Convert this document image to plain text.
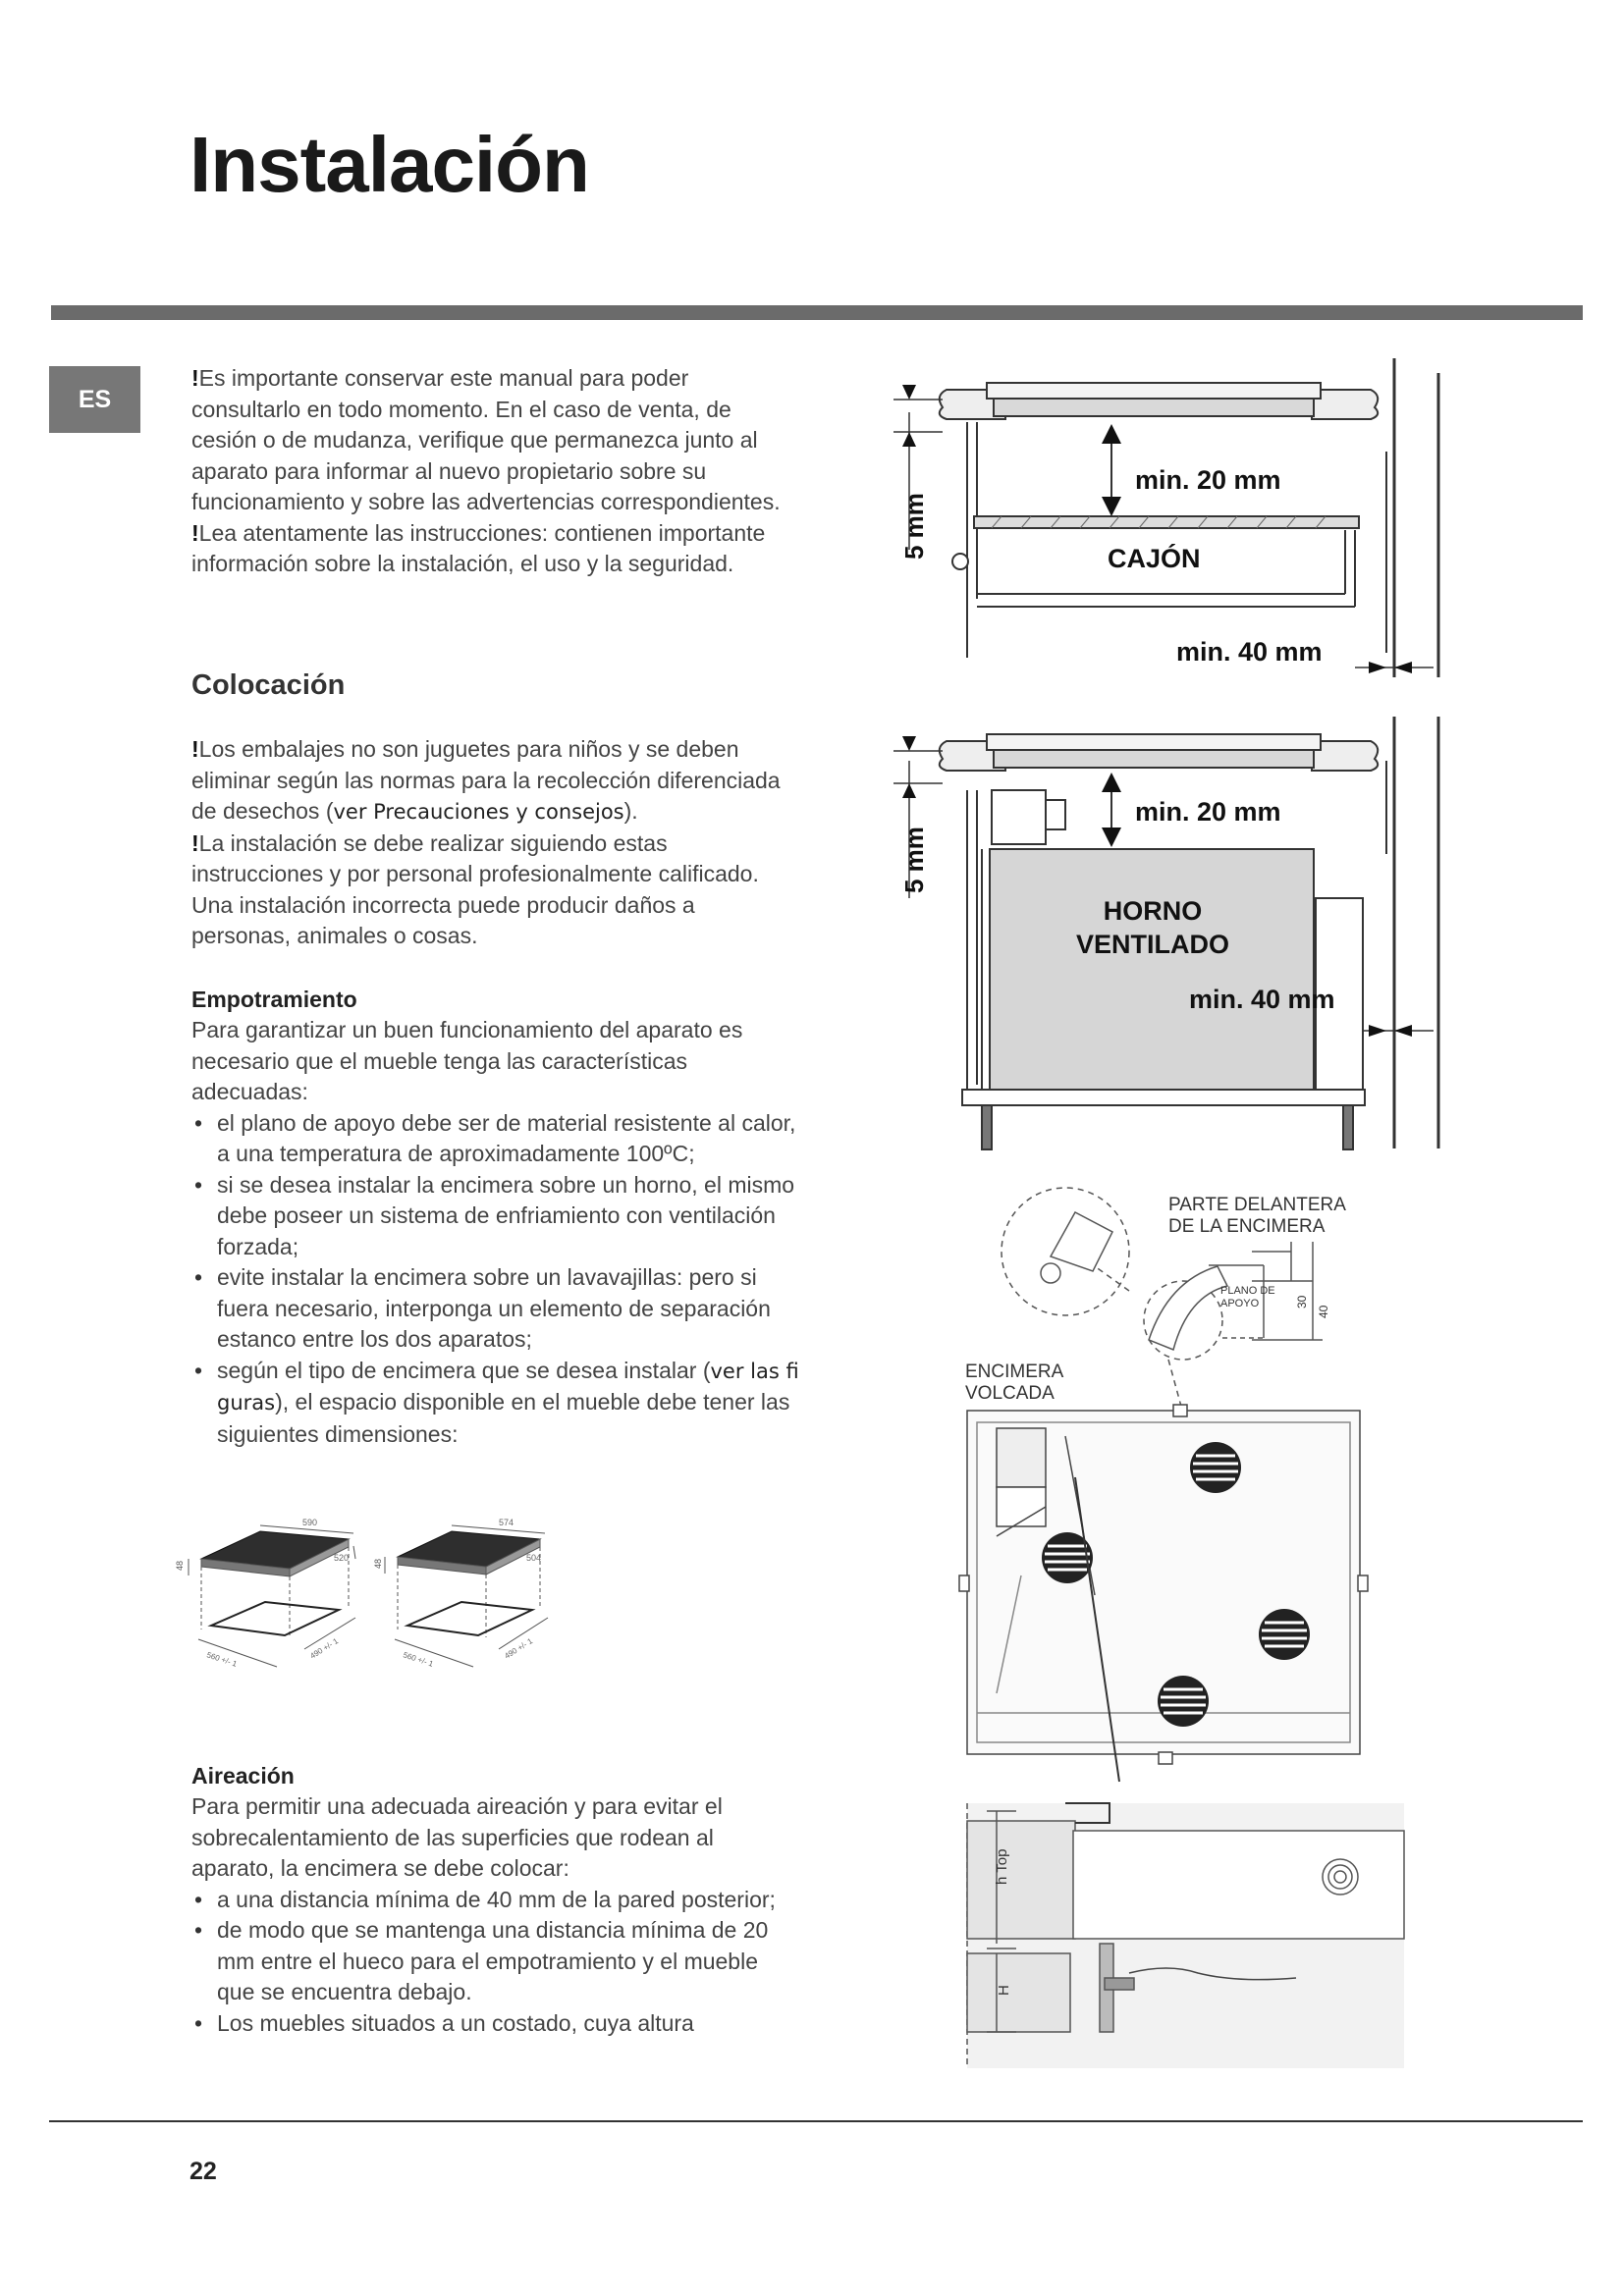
Instalación
ES

!Es importante conservar este manual para poder consultarlo en todo momento. En el caso de venta, de cesión o de mudanza, verifique que permanezca junto al aparato para informar al nuevo propietario sobre su funcionamiento y sobre las advertencias correspondientes.

!Lea atentamente las instrucciones: contienen importante información sobre la instalación, el uso y la seguridad.

Colocación

!Los embalajes no son juguetes para niños y se deben eliminar según las normas para la recolección diferenciada de desechos (ver Precauciones y consejos).

!La instalación se debe realizar siguiendo estas instrucciones y por personal profesionalmente calificado. Una instalación incorrecta puede producir daños a personas, animales o cosas.

Empotramiento

Para garantizar un buen funcionamiento del aparato es necesario que el mueble tenga las características adecuadas:

• el plano de apoyo debe ser de material resistente al calor, a una temperatura de aproximadamente 100ºC;
• si se desea instalar la encimera sobre un horno, el mismo debe poseer un sistema de enfriamiento con ventilación forzada;
• evite instalar la encimera sobre un lavavajillas: pero si fuera necesario, interponga un elemento de separación estanco entre los dos aparatos;
• según el tipo de encimera que se desea instalar (ver las fi guras), el espacio disponible en el mueble debe tener las siguientes dimensiones:
48
590
520
560 +/- 1	490 +/- 1
48
574
504
560 +/- 1	490 +/- 1
Aireación

Para permitir una adecuada aireación y para evitar el sobrecalentamiento de las superficies que rodean al aparato, la encimera se debe colocar:

• a una distancia mínima de 40 mm de la pared posterior;
• de modo que se mantenga una distancia mínima de 20 mm entre el hueco para el empotramiento y el mueble que se encuentra debajo.
• Los muebles situados a un costado, cuya altura
min. 20 mm
CAJÓN
min. 40 mm
5 mm
min. 20 mm
HORNO
VENTILADO
min. 40 mm
5 mm
PARTE DELANTERA
DE LA ENCIMERA
PLANO DE
APOYO	30
40
ENCIMERA
VOLCADA
h Top
H
22
